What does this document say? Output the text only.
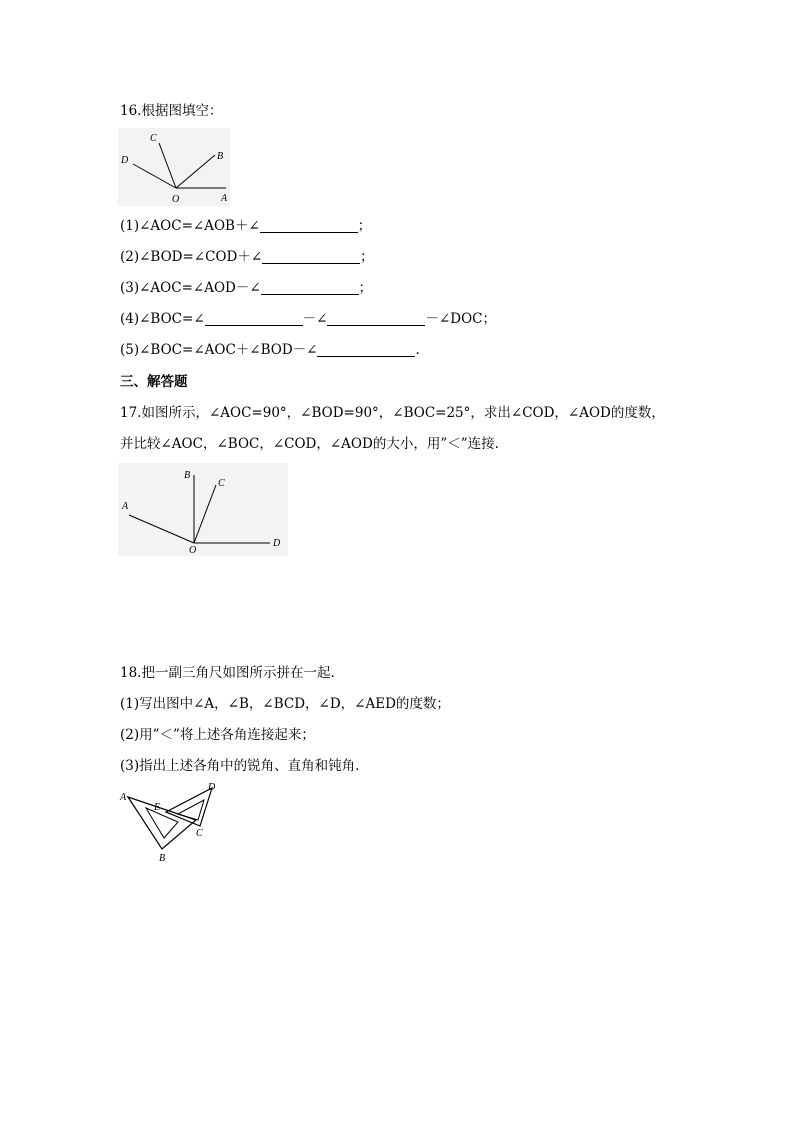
16.根据图填空：
C
D	B
O	A
(1)∠AOC=∠AOB＋∠	；
(2)∠BOD=∠COD＋∠	；
(3)∠AOC=∠AOD－∠	；
(4)∠BOC=∠	－∠	－∠DOC；
(5)∠BOC=∠AOC＋∠BOD－∠	.
三、解答题
17.如图所示，∠AOC=90°，∠BOD=90°，∠BOC=25°，求出∠COD，∠AOD的度数，
并比较∠AOC，∠BOC，∠COD，∠AOD的大小，用”＜”连接.
B
C
A
O
D
18.把一副三角尺如图所示拼在一起.
(1)写出图中∠A，∠B，∠BCD，∠D，∠AED的度数；
(2)用”＜”将上述各角连接起来；
(3)指出上述各角中的锐角、直角和钝角.
A
E
D
C
B
